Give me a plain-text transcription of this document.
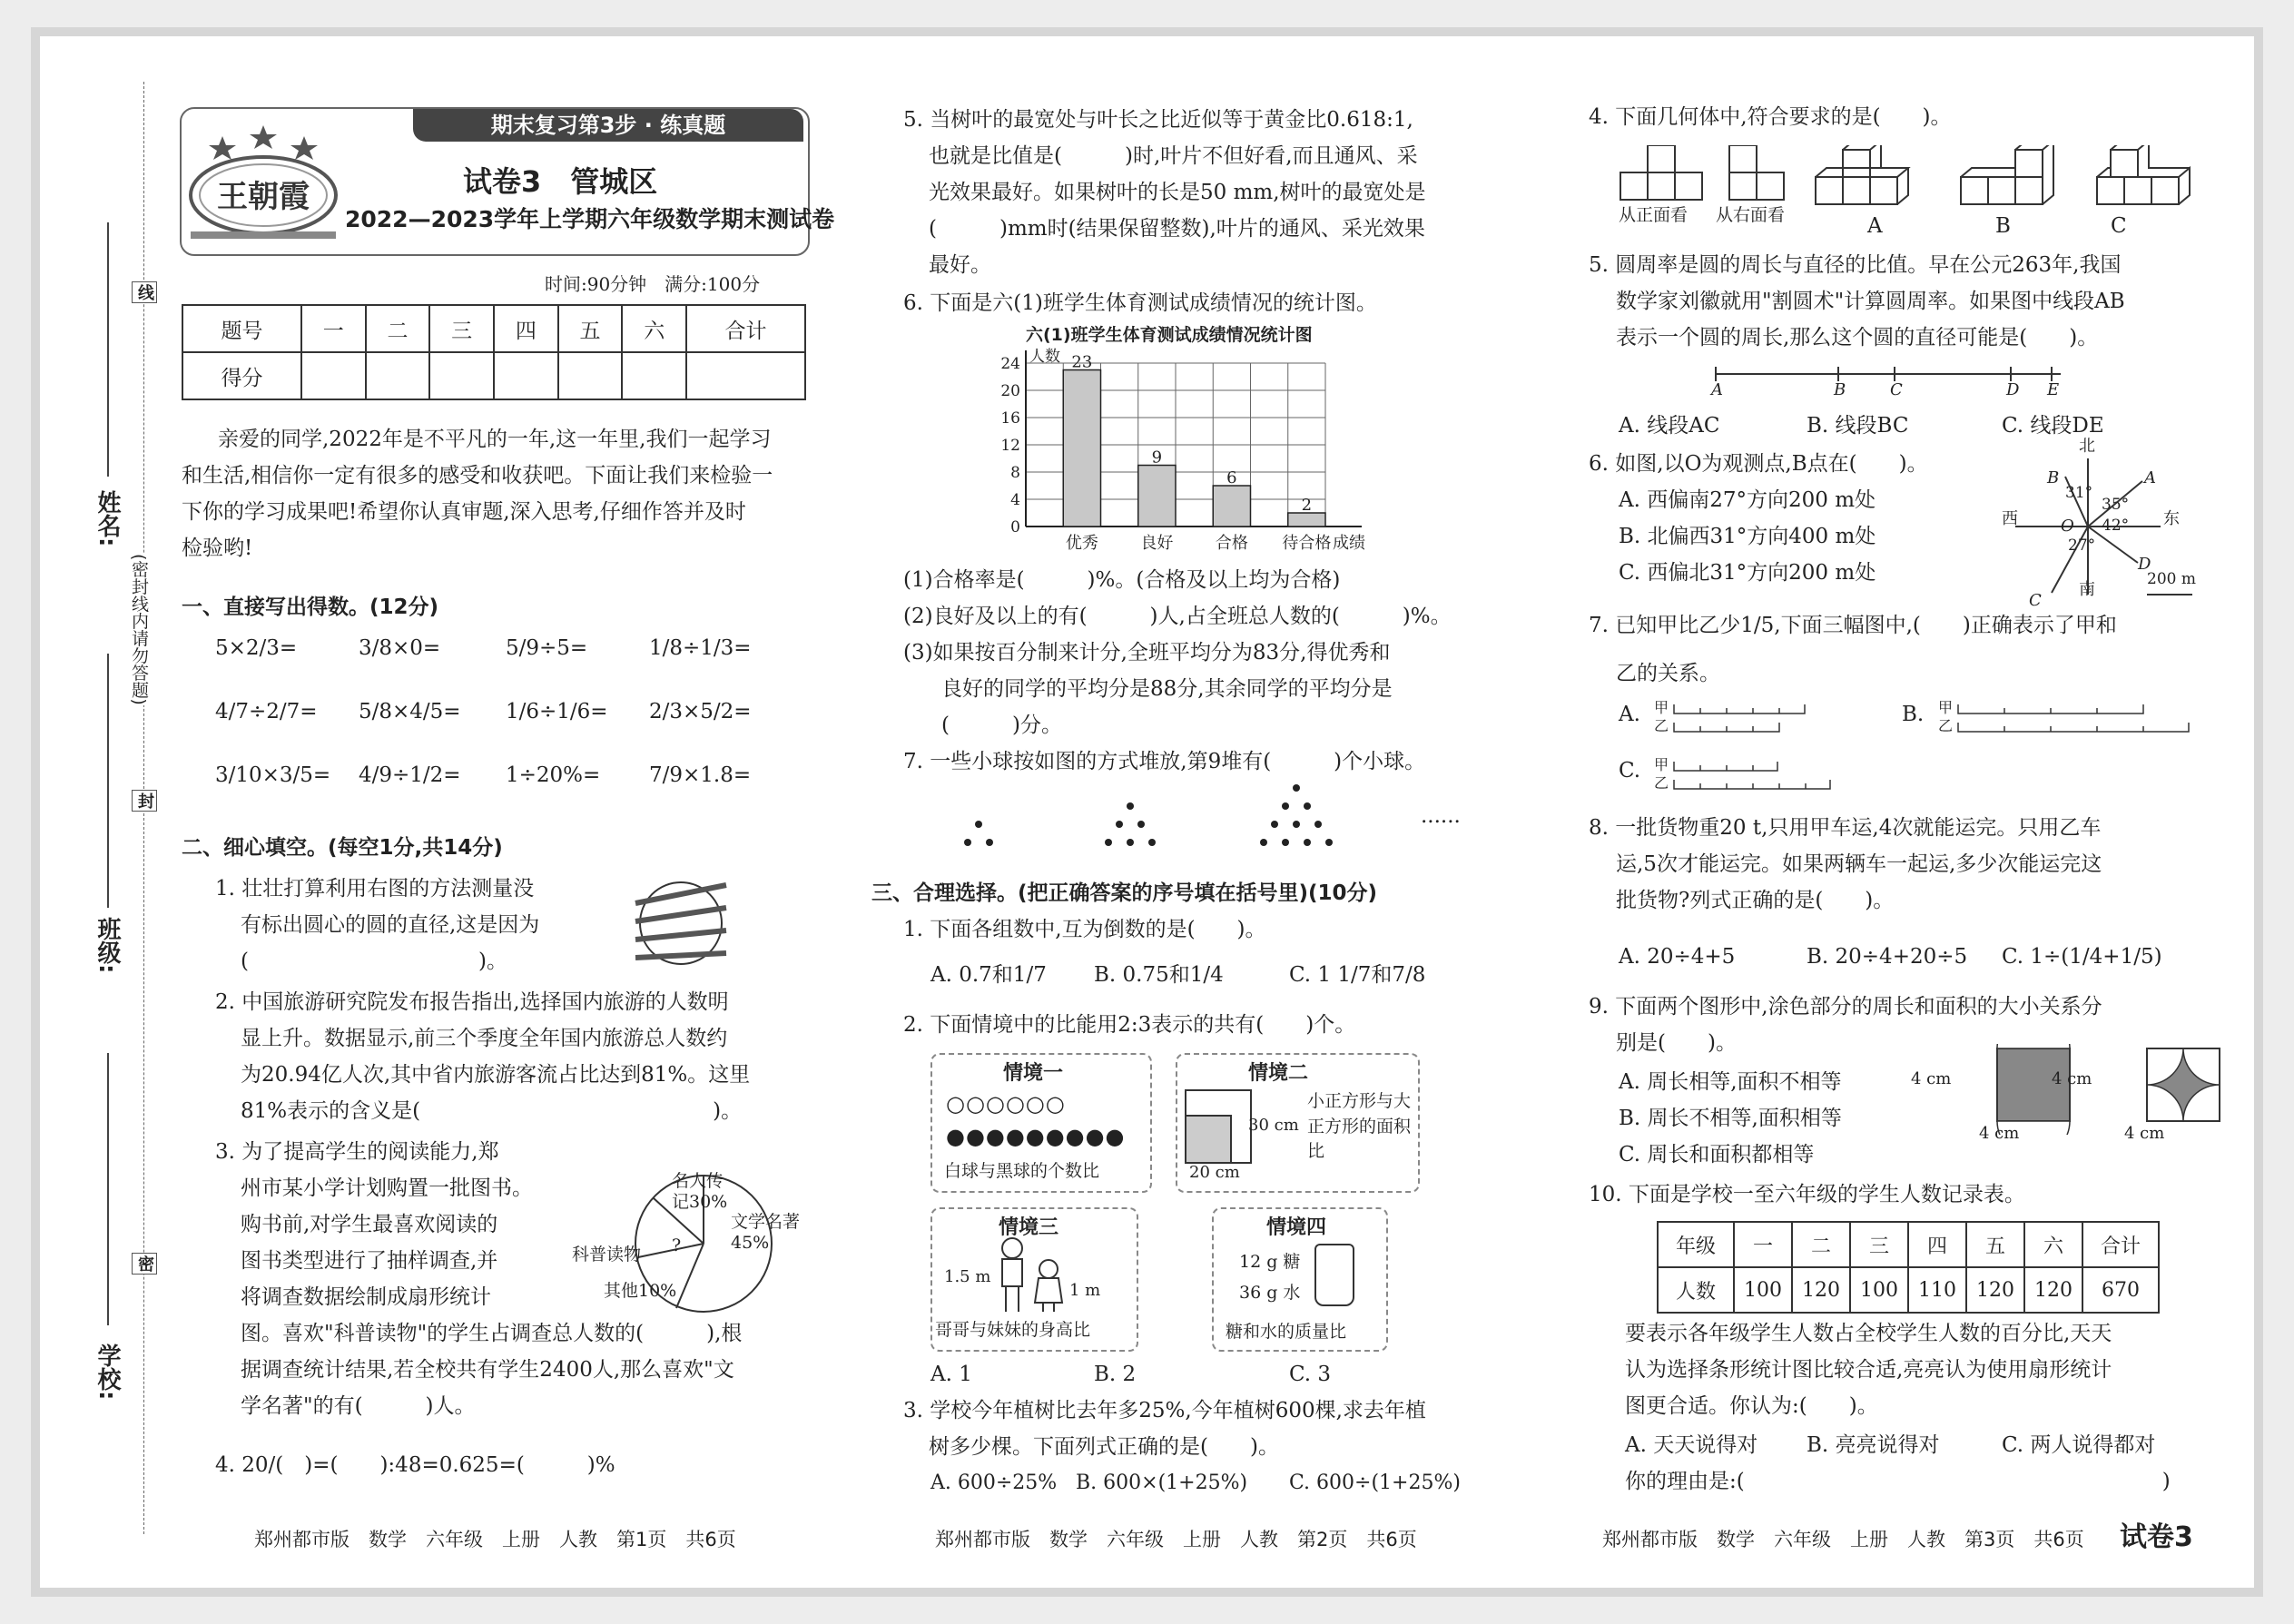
姓名:
班级:
学校:
(密封线内请勿答题)
线
封
密
期末复习第3步 · 练真题
王朝霞	试卷3　管城区
2022—2023学年上学期六年级数学期末测试卷
时间:90分钟　满分:100分
题号	一	二	三	四	五	六	合计
得分							
亲爱的同学,2022年是不平凡的一年,这一年里,我们一起学习
和生活,相信你一定有很多的感受和收获吧。下面让我们来检验一
下你的学习成果吧!希望你认真审题,深入思考,仔细作答并及时
检验哟!
一、直接写出得数。(12分)
5×2/3=	3/8×0=	5/9÷5=	1/8÷1/3=
4/7÷2/7= 5/8×4/5= 1/6÷1/6= 2/3×5/2=
3/10×3/5= 4/9÷1/2= 1÷20%= 7/9×1.8=
二、细心填空。(每空1分,共14分)
1. 壮壮打算利用右图的方法测量没
有标出圆心的圆的直径,这是因为
(　　　　　　　　　　　)。
2. 中国旅游研究院发布报告指出,选择国内旅游的人数明
显上升。数据显示,前三个季度全年国内旅游总人数约
为20.94亿人次,其中省内旅游客流占比达到81%。这里
81%表示的含义是(　　　　　　　　　　　　　　)。
3. 为了提高学生的阅读能力,郑
州市某小学计划购置一批图书。
购书前,对学生最喜欢阅读的
图书类型进行了抽样调查,并
将调查数据绘制成扇形统计
图。喜欢"科普读物"的学生占调查总人数的(　　　),根
据调查统计结果,若全校共有学生2400人,那么喜欢"文
学名著"的有(　　　)人。
名人传记30%
文学名著45%
科普读物 ?
其他10%
4. 20/(　)=(　　):48=0.625=(　　　)%
郑州都市版　数学　六年级　上册　人教　第1页　共6页
5. 当树叶的最宽处与叶长之比近似等于黄金比0.618:1,
也就是比值是(　　　)时,叶片不但好看,而且通风、采
光效果最好。如果树叶的长是50 mm,树叶的最宽处是
(　　　)mm时(结果保留整数),叶片的通风、采光效果
最好。
6. 下面是六(1)班学生体育测试成绩情况的统计图。
六(1)班学生体育测试成绩情况统计图
0
4
8
12
16
20
24 人数
成绩
23
优秀
9
良好
6
合格
2
待合格
(1)合格率是(　　　)%。(合格及以上均为合格)
(2)良好及以上的有(　　　)人,占全班总人数的(　　　)%。
(3)如果按百分制来计分,全班平均分为83分,得优秀和
良好的同学的平均分是88分,其余同学的平均分是
(　　　)分。
7. 一些小球按如图的方式堆放,第9堆有(　　　)个小球。
......
三、合理选择。(把正确答案的序号填在括号里)(10分)
1. 下面各组数中,互为倒数的是(　　)。
A. 0.7和1/7 B. 0.75和1/4	C. 1 1/7和7/8
2. 下面情境中的比能用2:3表示的共有(　　)个。
情境一
○○○○○○
●●●●●●●●●
白球与黑球的个数比
情境二
30 cm
20 cm
小正方形与大正方形的面积比
情境三
1.5 m
1 m
哥哥与妹妹的身高比
情境四
12 g 糖
36 g 水
糖和水的质量比
A. 1	B. 2	C. 3
3. 学校今年植树比去年多25%,今年植树600棵,求去年植
树多少棵。下面列式正确的是(　　)。
A. 600÷25% B. 600×(1+25%) C. 600÷(1+25%)
郑州都市版　数学　六年级　上册　人教　第2页　共6页
4. 下面几何体中,符合要求的是(　　)。
从正面看 从右面看	A	B	C
5. 圆周率是圆的周长与直径的比值。早在公元263年,我国
数学家刘徽就用"割圆术"计算圆周率。如果图中线段AB
表示一个圆的周长,那么这个圆的直径可能是(　　)。
A	B	C	D E
A. 线段AC	B. 线段BC	C. 线段DE
6. 如图,以O为观测点,B点在(　　)。
A. 西偏南27°方向200 m处
B. 北偏西31°方向400 m处
C. 西偏北31°方向200 m处
北
南
东
西
31°
35°
42°
27°
200 m
A
B
C
D
O
7. 已知甲比乙少1/5,下面三幅图中,(　　)正确表示了甲和
乙的关系。
A.	B.
C.
甲
乙
甲
乙
甲
乙
8. 一批货物重20 t,只用甲车运,4次就能运完。只用乙车
运,5次才能运完。如果两辆车一起运,多少次能运完这
批货物?列式正确的是(　　)。
A. 20÷4+5	B. 20÷4+20÷5 C. 1÷(1/4+1/5)
9. 下面两个图形中,涂色部分的周长和面积的大小关系分
别是(　　)。
A. 周长相等,面积不相等
B. 周长不相等,面积相等
C. 周长和面积都相等
4 cm
4 cm
4 cm
4 cm
10. 下面是学校一至六年级的学生人数记录表。
年级	一	二	三	四	五	六	合计
人数	100	120	100	110	120	120	670
要表示各年级学生人数占全校学生人数的百分比,天天
认为选择条形统计图比较合适,亮亮认为使用扇形统计
图更合适。你认为:(　　)。
A. 天天说得对 B. 亮亮说得对	C. 两人说得都对
你的理由是:(　　　　　　　　　　　　　　　　　　　　)
郑州都市版　数学　六年级　上册　人教　第3页　共6页 试卷3
